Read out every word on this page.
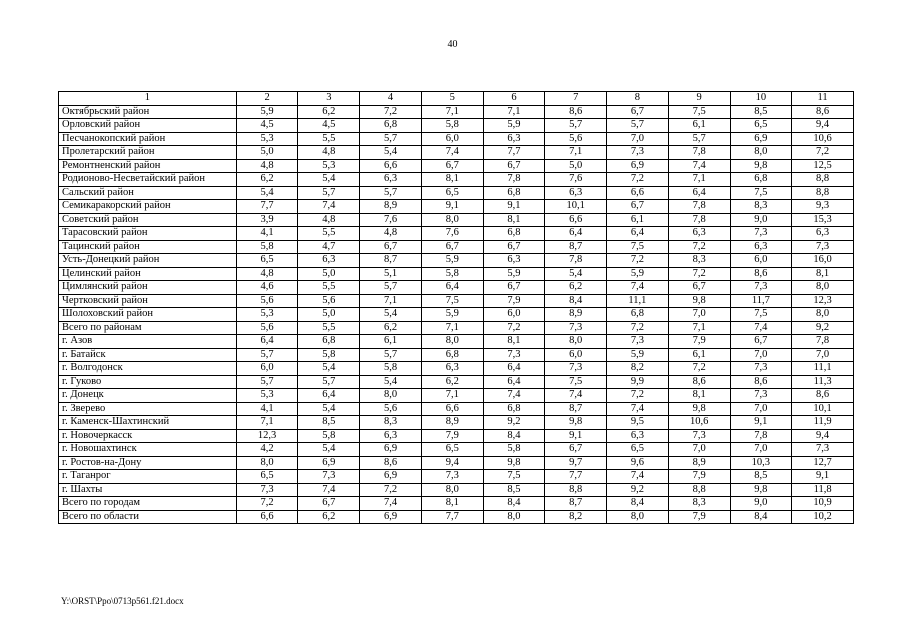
40
1	2	3	4	5	6	7	8	9	10	11
Октябрьский район	5,9	6,2	7,2	7,1	7,1	8,6	6,7	7,5	8,5	8,6
Орловский район	4,5	4,5	6,8	5,8	5,9	5,7	5,7	6,1	6,5	9,4
Песчанокопский район	5,3	5,5	5,7	6,0	6,3	5,6	7,0	5,7	6,9	10,6
Пролетарский район	5,0	4,8	5,4	7,4	7,7	7,1	7,3	7,8	8,0	7,2
Ремонтненский район	4,8	5,3	6,6	6,7	6,7	5,0	6,9	7,4	9,8	12,5
Родионово-Несветайский район	6,2	5,4	6,3	8,1	7,8	7,6	7,2	7,1	6,8	8,8
Сальский район	5,4	5,7	5,7	6,5	6,8	6,3	6,6	6,4	7,5	8,8
Семикаракорский район	7,7	7,4	8,9	9,1	9,1	10,1	6,7	7,8	8,3	9,3
Советский район	3,9	4,8	7,6	8,0	8,1	6,6	6,1	7,8	9,0	15,3
Тарасовский район	4,1	5,5	4,8	7,6	6,8	6,4	6,4	6,3	7,3	6,3
Тацинский район	5,8	4,7	6,7	6,7	6,7	8,7	7,5	7,2	6,3	7,3
Усть-Донецкий район	6,5	6,3	8,7	5,9	6,3	7,8	7,2	8,3	6,0	16,0
Целинский район	4,8	5,0	5,1	5,8	5,9	5,4	5,9	7,2	8,6	8,1
Цимлянский район	4,6	5,5	5,7	6,4	6,7	6,2	7,4	6,7	7,3	8,0
Чертковский район	5,6	5,6	7,1	7,5	7,9	8,4	11,1	9,8	11,7	12,3
Шолоховский район	5,3	5,0	5,4	5,9	6,0	8,9	6,8	7,0	7,5	8,0
Всего по районам	5,6	5,5	6,2	7,1	7,2	7,3	7,2	7,1	7,4	9,2
г. Азов	6,4	6,8	6,1	8,0	8,1	8,0	7,3	7,9	6,7	7,8
г. Батайск	5,7	5,8	5,7	6,8	7,3	6,0	5,9	6,1	7,0	7,0
г. Волгодонск	6,0	5,4	5,8	6,3	6,4	7,3	8,2	7,2	7,3	11,1
г. Гуково	5,7	5,7	5,4	6,2	6,4	7,5	9,9	8,6	8,6	11,3
г. Донецк	5,3	6,4	8,0	7,1	7,4	7,4	7,2	8,1	7,3	8,6
г. Зверево	4,1	5,4	5,6	6,6	6,8	8,7	7,4	9,8	7,0	10,1
г. Каменск-Шахтинский	7,1	8,5	8,3	8,9	9,2	9,8	9,5	10,6	9,1	11,9
г. Новочеркасск	12,3	5,8	6,3	7,9	8,4	9,1	6,3	7,3	7,8	9,4
г. Новошахтинск	4,2	5,4	6,9	6,5	5,8	6,7	6,5	7,0	7,0	7,3
г. Ростов-на-Дону	8,0	6,9	8,6	9,4	9,8	9,7	9,6	8,9	10,3	12,7
г. Таганрог	6,5	7,3	6,9	7,3	7,5	7,7	7,4	7,9	8,5	9,1
г. Шахты	7,3	7,4	7,2	8,0	8,5	8,8	9,2	8,8	9,8	11,8
Всего по городам	7,2	6,7	7,4	8,1	8,4	8,7	8,4	8,3	9,0	10,9
Всего по области	6,6	6,2	6,9	7,7	8,0	8,2	8,0	7,9	8,4	10,2
Y:\ORST\Ppo\0713p561.f21.docx
